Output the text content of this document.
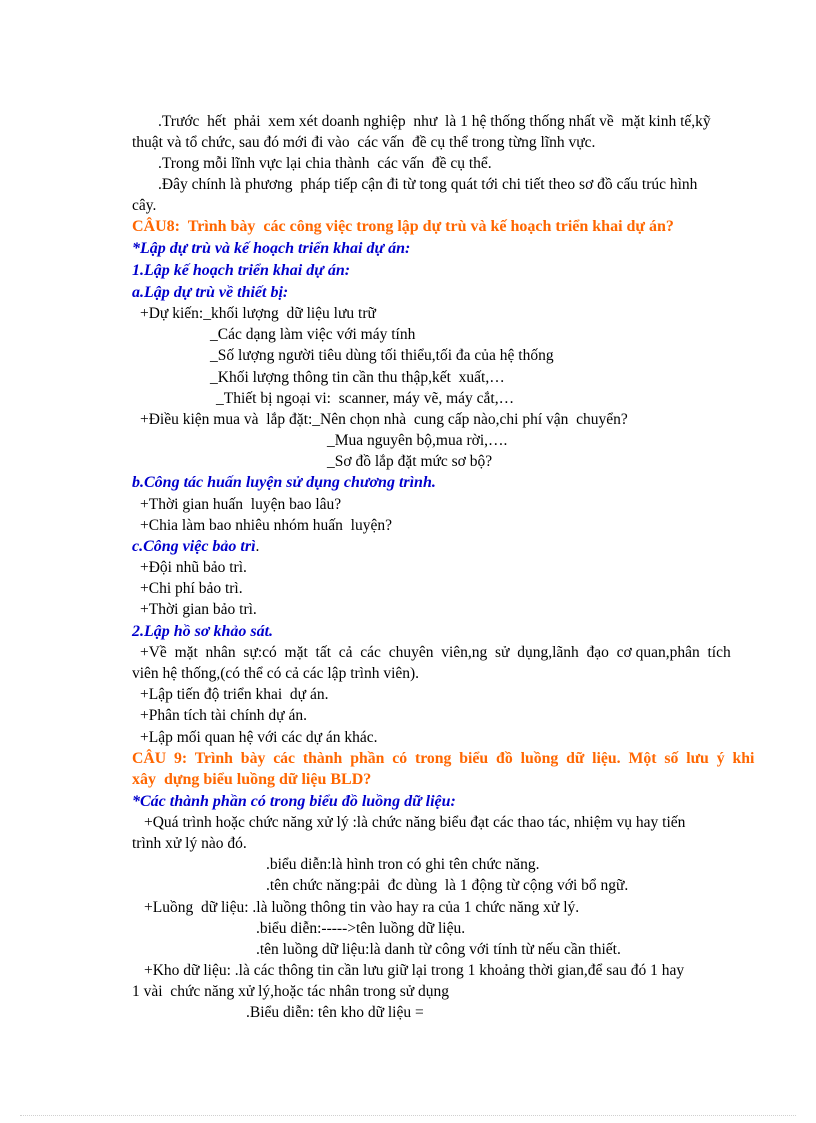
.Trước  hết  phải  xem xét doanh nghiệp  như  là 1 hệ thống thống nhất về  mặt kinh tế,kỹ

thuật và tổ chức, sau đó mới đi vào  các vấn  đề cụ thể trong từng lĩnh vực.

.Trong mỗi lĩnh vực lại chia thành  các vấn  đề cụ thể.

.Đây chính là phương  pháp tiếp cận đi từ tong quát tới chi tiết theo sơ đồ cấu trúc hình

cây.

CÂU8:  Trình bày  các công việc trong lập dự trù và kế hoạch triển khai dự án?

*Lập dự trù và kế hoạch triển khai dự án:

1.Lập kế hoạch triển khai dự án:

a.Lập dự trù về thiết bị:

+Dự kiến:_khối lượng  dữ liệu lưu trữ

_Các dạng làm việc với máy tính

_Số lượng người tiêu dùng tối thiểu,tối đa của hệ thống

_Khối lượng thông tin cần thu thập,kết  xuất,…

_Thiết bị ngoại vi:  scanner, máy vẽ, máy cắt,…

+Điều kiện mua và  lắp đặt:_Nên chọn nhà  cung cấp nào,chi phí vận  chuyển?

_Mua nguyên bộ,mua rời,….

_Sơ đồ lắp đặt mức sơ bộ?

b.Công tác huấn luyện sử dụng chương trình.

+Thời gian huấn  luyện bao lâu?

+Chia làm bao nhiêu nhóm huấn  luyện?

c.Công việc bảo trì.

+Đội nhũ bảo trì.

+Chi phí bảo trì.

+Thời gian bảo trì.

2.Lập hồ sơ khảo sát.

+Về  mặt  nhân  sự:có  mặt  tất  cả  các  chuyên  viên,ng  sử  dụng,lãnh  đạo  cơ quan,phân  tích

viên hệ thống,(có thể có cả các lập trình viên).

+Lập tiến độ triển khai  dự án.

+Phân tích tài chính dự án.

+Lập mối quan hệ với các dự án khác.

CÂU  9:  Trình  bày  các  thành  phần  có  trong  biểu  đồ  luồng  dữ  liệu.  Một  số  lưu  ý  khi

xây  dựng biểu luồng dữ liệu BLD?

*Các thành phần có trong biểu đồ luồng dữ liệu:

+Quá trình hoặc chức năng xử lý :là chức năng biểu đạt các thao tác, nhiệm vụ hay tiến

trình xử lý nào đó.

.biểu diễn:là hình tron có ghi tên chức năng.

.tên chức năng:pải  đc dùng  là 1 động từ cộng với bổ ngữ.

+Luồng  dữ liệu: .là luồng thông tin vào hay ra của 1 chức năng xử lý.

.biểu diễn:----->tên luồng dữ liệu.

.tên luồng dữ liệu:là danh từ công với tính từ nếu cần thiết.

+Kho dữ liệu: .là các thông tin cần lưu giữ lại trong 1 khoảng thời gian,để sau đó 1 hay

1 vài  chức năng xử lý,hoặc tác nhân trong sử dụng

.Biểu diễn: tên kho dữ liệu =
